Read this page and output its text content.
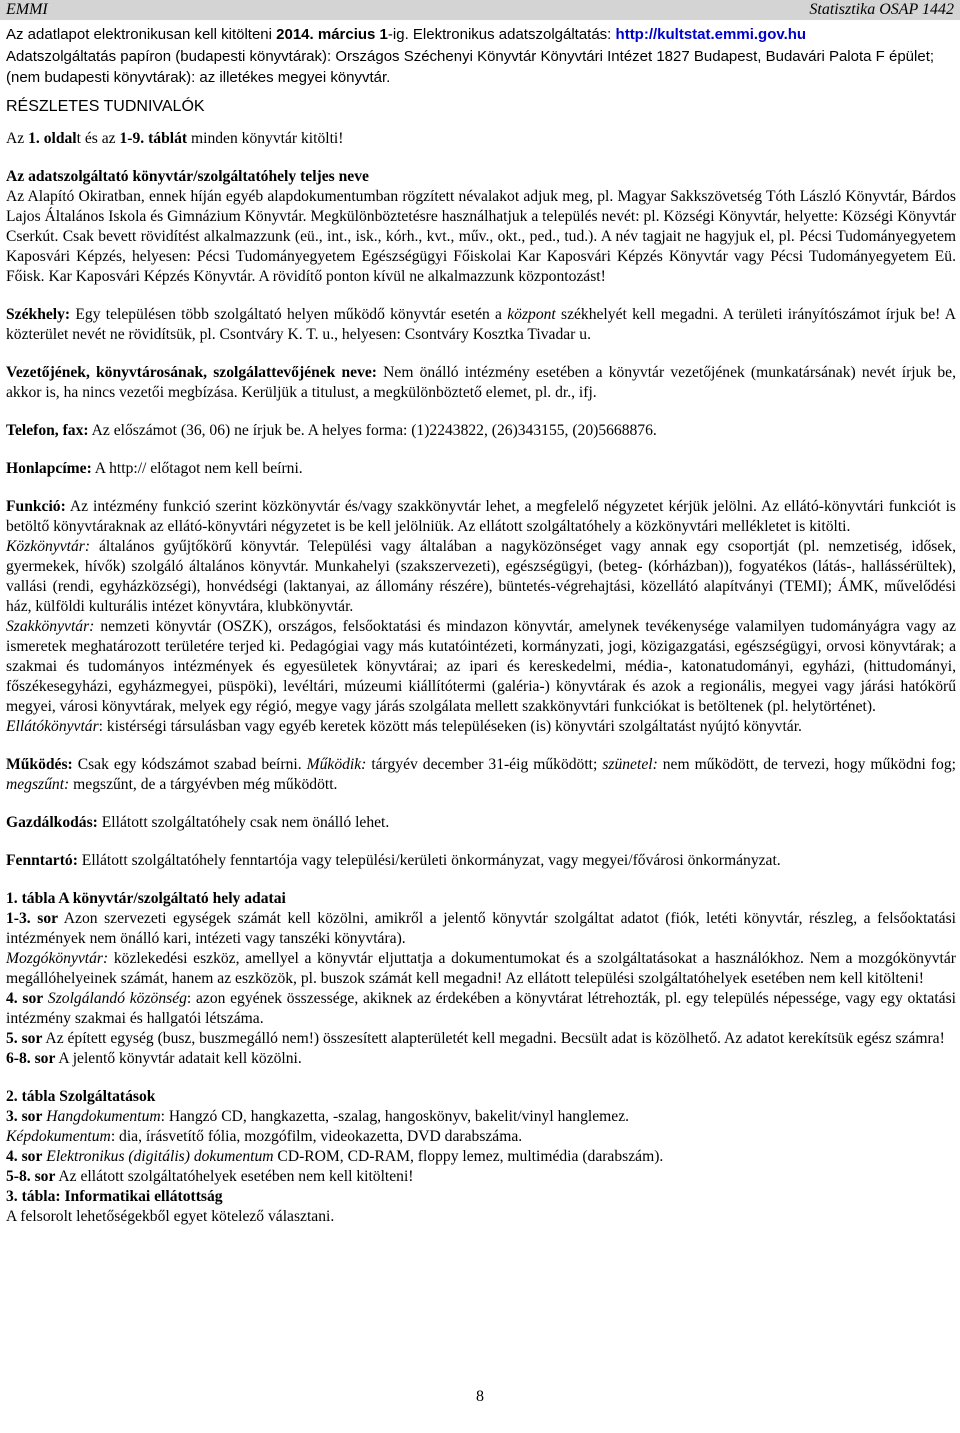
EMMI	Statisztika OSAP 1442
Az adatlapot elektronikusan kell kitölteni 2014. március 1-ig. Elektronikus adatszolgáltatás: http://kultstat.emmi.gov.hu
Adatszolgáltatás papíron (budapesti könyvtárak): Országos Széchenyi Könyvtár Könyvtári Intézet 1827 Budapest, Budavári Palota F épület; (nem budapesti könyvtárak): az illetékes megyei könyvtár.
RÉSZLETES TUDNIVALÓK

Az 1. oldalt és az 1-9. táblát minden könyvtár kitölti!

Az adatszolgáltató könyvtár/szolgáltatóhely teljes neve

Az Alapító Okiratban, ennek híján egyéb alapdokumentumban rögzített névalakot adjuk meg, pl. Magyar Sakkszövetség Tóth László Könyvtár, Bárdos Lajos Általános Iskola és Gimnázium Könyvtár. Megkülönböztetésre használhatjuk a település nevét: pl. Községi Könyvtár, helyette: Községi Könyvtár Cserkút. Csak bevett rövidítést alkalmazzunk (eü., int., isk., kórh., kvt., műv., okt., ped., tud.). A név tagjait ne hagyjuk el, pl. Pécsi Tudományegyetem Kaposvári Képzés, helyesen: Pécsi Tudományegyetem Egészségügyi Főiskolai Kar Kaposvári Képzés Könyvtár vagy Pécsi Tudományegyetem Eü. Főisk. Kar Kaposvári Képzés Könyvtár. A rövidítő ponton kívül ne alkalmazzunk központozást!

Székhely: Egy településen több szolgáltató helyen működő könyvtár esetén a központ székhelyét kell megadni. A területi irányítószámot írjuk be! A közterület nevét ne rövidítsük, pl. Csontváry K. T. u., helyesen: Csontváry Kosztka Tivadar u.

Vezetőjének, könyvtárosának, szolgálattevőjének neve: Nem önálló intézmény esetében a könyvtár vezetőjének (munkatársának) nevét írjuk be, akkor is, ha nincs vezetői megbízása. Kerüljük a titulust, a megkülönböztető elemet, pl. dr., ifj.

Telefon, fax: Az előszámot (36, 06) ne írjuk be. A helyes forma: (1)2243822, (26)343155, (20)5668876.

Honlapcíme: A http:// előtagot nem kell beírni.

Funkció: Az intézmény funkció szerint közkönyvtár és/vagy szakkönyvtár lehet, a megfelelő négyzetet kérjük jelölni. Az ellátó-könyvtári funkciót is betöltő könyvtáraknak az ellátó-könyvtári négyzetet is be kell jelölniük. Az ellátott szolgáltatóhely a közkönyvtári mellékletet is kitölti.

Közkönyvtár: általános gyűjtőkörű könyvtár. Települési vagy általában a nagyközönséget vagy annak egy csoportját (pl. nemzetiség, idősek, gyermekek, hívők) szolgáló általános könyvtár. Munkahelyi (szakszervezeti), egészségügyi, (beteg- (kórházban)), fogyatékos (látás-, hallássérültek), vallási (rendi, egyházközségi), honvédségi (laktanyai, az állomány részére), büntetés-végrehajtási, közellátó alapítványi (TEMI); ÁMK, művelődési ház, külföldi kulturális intézet könyvtára, klubkönyvtár.

Szakkönyvtár: nemzeti könyvtár (OSZK), országos, felsőoktatási és mindazon könyvtár, amelynek tevékenysége valamilyen tudományágra vagy az ismeretek meghatározott területére terjed ki. Pedagógiai vagy más kutatóintézeti, kormányzati, jogi, közigazgatási, egészségügyi, orvosi könyvtárak; a szakmai és tudományos intézmények és egyesületek könyvtárai; az ipari és kereskedelmi, média-, katonatudományi, egyházi, (hittudományi, főszékesegyházi, egyházmegyei, püspöki), levéltári, múzeumi kiállítótermi (galéria-) könyvtárak és azok a regionális, megyei vagy járási hatókörű megyei, városi könyvtárak, melyek egy régió, megye vagy járás szolgálata mellett szakkönyvtári funkciókat is betöltenek (pl. helytörténet).

Ellátókönyvtár: kistérségi társulásban vagy egyéb keretek között más településeken (is) könyvtári szolgáltatást nyújtó könyvtár.

Működés: Csak egy kódszámot szabad beírni. Működik: tárgyév december 31-éig működött; szünetel: nem működött, de tervezi, hogy működni fog; megszűnt: megszűnt, de a tárgyévben még működött.

Gazdálkodás: Ellátott szolgáltatóhely csak nem önálló lehet.

Fenntartó: Ellátott szolgáltatóhely fenntartója vagy települési/kerületi önkormányzat, vagy megyei/fővárosi önkormányzat.

1. tábla A könyvtár/szolgáltató hely adatai

1-3. sor Azon szervezeti egységek számát kell közölni, amikről a jelentő könyvtár szolgáltat adatot (fiók, letéti könyvtár, részleg, a felsőoktatási intézmények nem önálló kari, intézeti vagy tanszéki könyvtára).

Mozgókönyvtár: közlekedési eszköz, amellyel a könyvtár eljuttatja a dokumentumokat és a szolgáltatásokat a használókhoz. Nem a mozgókönyvtár megállóhelyeinek számát, hanem az eszközök, pl. buszok számát kell megadni! Az ellátott települési szolgáltatóhelyek esetében nem kell kitölteni!

4. sor Szolgálandó közönség: azon egyének összessége, akiknek az érdekében a könyvtárat létrehozták, pl. egy település népessége, vagy egy oktatási intézmény szakmai és hallgatói létszáma.

5. sor Az épített egység (busz, buszmegálló nem!) összesített alapterületét kell megadni. Becsült adat is közölhető. Az adatot kerekítsük egész számra!

6-8. sor A jelentő könyvtár adatait kell közölni.

2. tábla Szolgáltatások

3. sor Hangdokumentum: Hangzó CD, hangkazetta, -szalag, hangoskönyv, bakelit/vinyl hanglemez.

Képdokumentum: dia, írásvetítő fólia, mozgófilm, videokazetta, DVD darabszáma.

4. sor Elektronikus (digitális) dokumentum CD-ROM, CD-RAM, floppy lemez, multimédia (darabszám).

5-8. sor Az ellátott szolgáltatóhelyek esetében nem kell kitölteni!

3. tábla: Informatikai ellátottság

A felsorolt lehetőségekből egyet kötelező választani.

8
